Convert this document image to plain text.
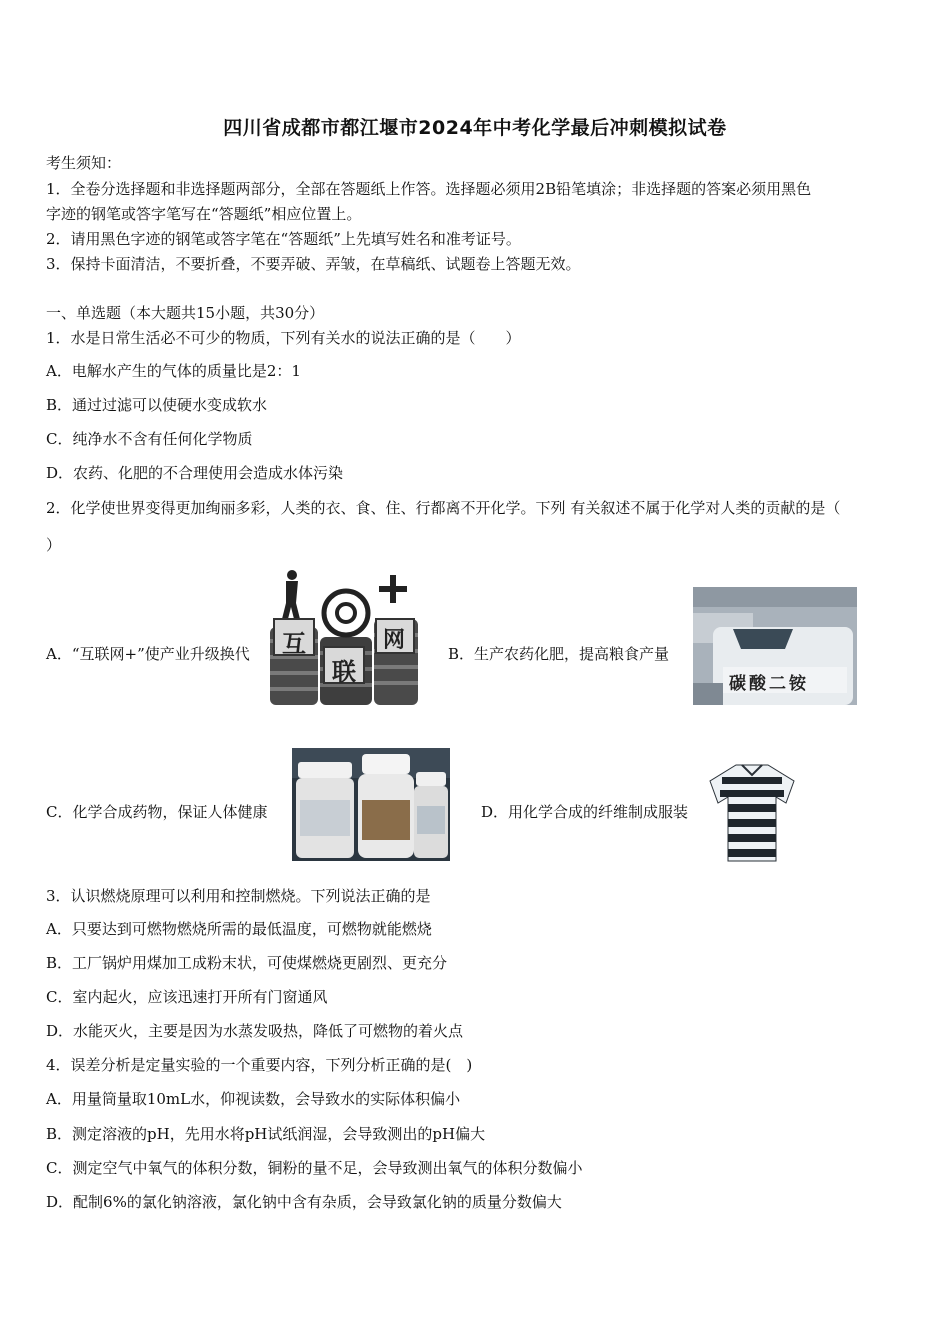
四川省成都市都江堰市2024年中考化学最后冲刺模拟试卷
考生须知：
1．全卷分选择题和非选择题两部分，全部在答题纸上作答。选择题必须用2B铅笔填涂；非选择题的答案必须用黑色
字迹的钢笔或答字笔写在“答题纸”相应位置上。
2．请用黑色字迹的钢笔或答字笔在“答题纸”上先填写姓名和准考证号。
3．保持卡面清洁，不要折叠，不要弄破、弄皱，在草稿纸、试题卷上答题无效。
一、单选题（本大题共15小题，共30分）
1．水是日常生活必不可少的物质，下列有关水的说法正确的是（　　）
A．电解水产生的气体的质量比是2：1
B．通过过滤可以使硬水变成软水
C．纯净水不含有任何化学物质
D．农药、化肥的不合理使用会造成水体污染
2．化学使世界变得更加绚丽多彩，人类的衣、食、住、行都离不开化学。下列 有关叙述不属于化学对人类的贡献的是（
）
A．“互联网+”使产业升级换代	B．生产农药化肥，提高粮食产量
C．化学合成药物，保证人体健康	D．用化学合成的纤维制成服装
互
联
网
碳酸二铵
3．认识燃烧原理可以利用和控制燃烧。下列说法正确的是
A．只要达到可燃物燃烧所需的最低温度，可燃物就能燃烧
B．工厂锅炉用煤加工成粉末状，可使煤燃烧更剧烈、更充分
C．室内起火，应该迅速打开所有门窗通风
D．水能灭火，主要是因为水蒸发吸热，降低了可燃物的着火点
4．误差分析是定量实验的一个重要内容，下列分析正确的是(　)
A．用量筒量取10mL水，仰视读数，会导致水的实际体积偏小
B．测定溶液的pH，先用水将pH试纸润湿，会导致测出的pH偏大
C．测定空气中氧气的体积分数，铜粉的量不足，会导致测出氧气的体积分数偏小
D．配制6%的氯化钠溶液，氯化钠中含有杂质，会导致氯化钠的质量分数偏大
